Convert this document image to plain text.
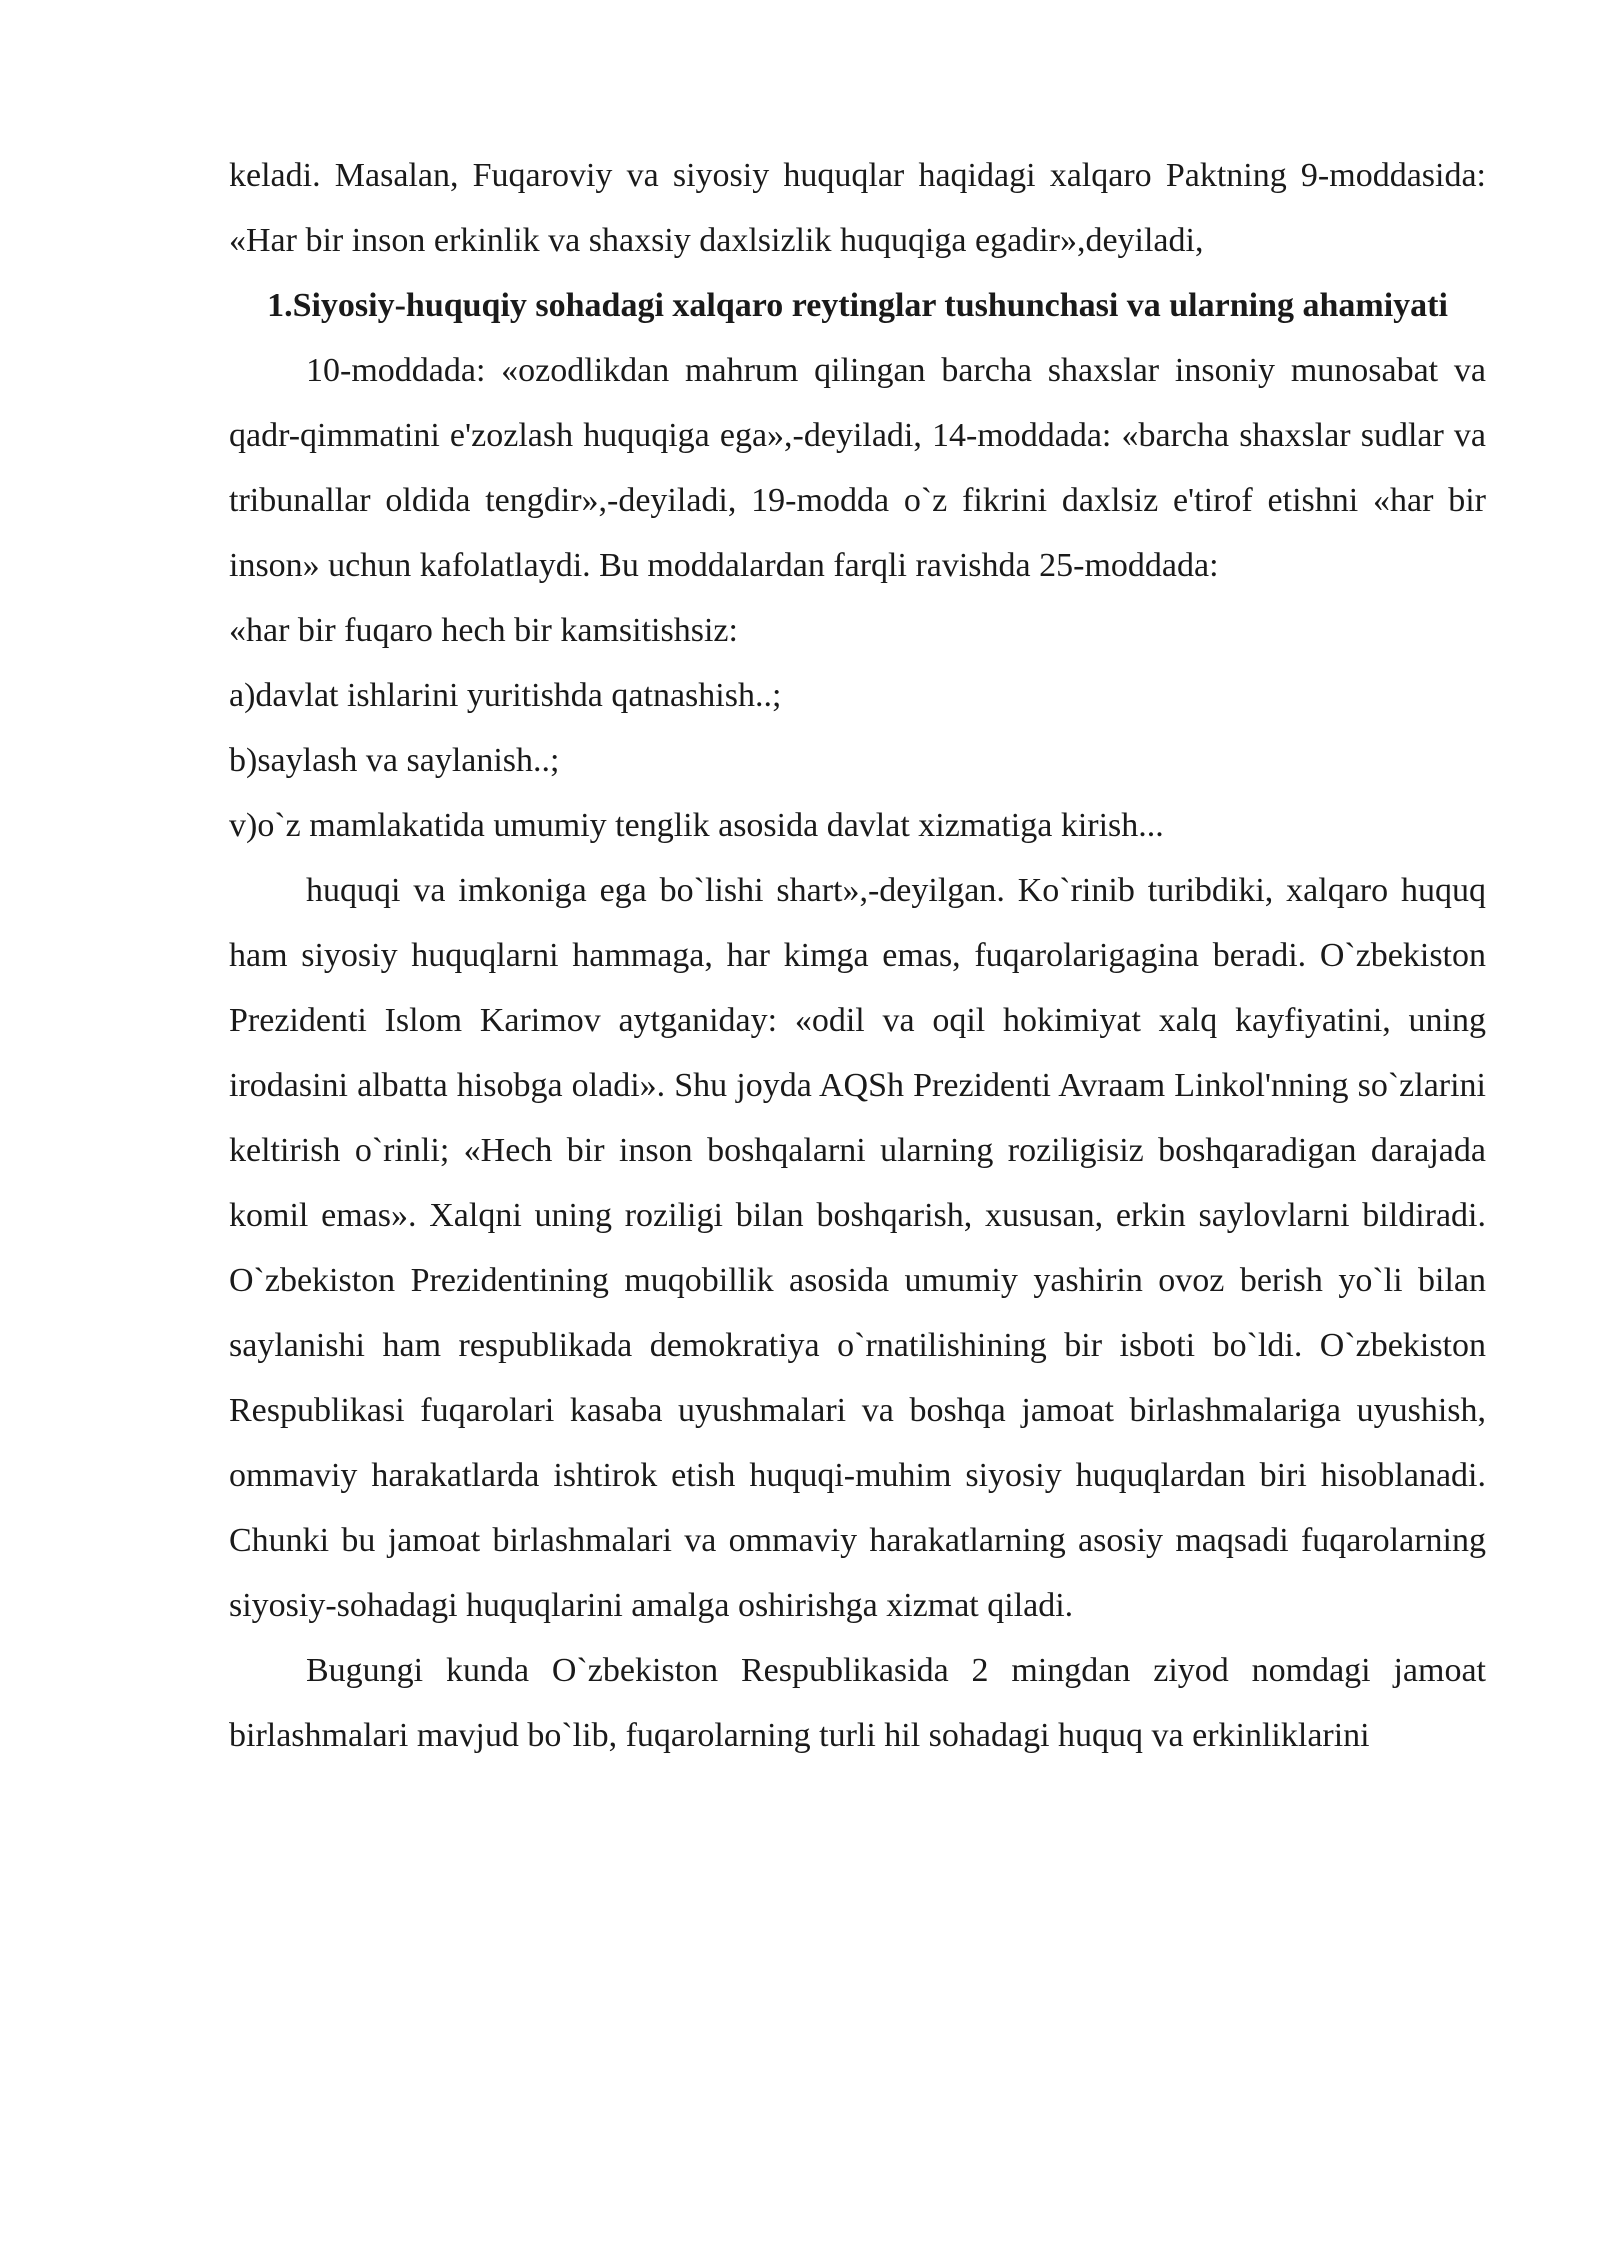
keladi. Masalan, Fuqaroviy va siyosiy huquqlar haqidagi xalqaro Paktning 9-moddasida: «Har bir inson erkinlik va shaxsiy daxlsizlik huquqiga egadir»,deyiladi,

1.Siyosiy-huquqiy sohadagi xalqaro reytinglar tushunchasi va ularning ahamiyati

10-moddada: «ozodlikdan mahrum qilingan barcha shaxslar insoniy munosabat va qadr-qimmatini e'zozlash huquqiga ega»,-deyiladi, 14-moddada: «barcha shaxslar sudlar va tribunallar oldida tengdir»,-deyiladi, 19-modda o`z fikrini daxlsiz e'tirof etishni «har bir inson» uchun kafolatlaydi. Bu moddalardan farqli ravishda 25-moddada:

«har bir fuqaro hech bir kamsitishsiz:

a)davlat ishlarini yuritishda qatnashish..;

b)saylash va saylanish..;

v)o`z mamlakatida umumiy tenglik asosida davlat xizmatiga kirish...

huquqi va imkoniga ega bo`lishi shart»,-deyilgan. Ko`rinib turibdiki, xalqaro huquq ham siyosiy huquqlarni hammaga, har kimga emas, fuqarolarigagina beradi. O`zbekiston Prezidenti Islom Karimov aytganiday: «odil va oqil hokimiyat xalq kayfiyatini, uning irodasini albatta hisobga oladi». Shu joyda AQSh Prezidenti Avraam Linkol'nning so`zlarini keltirish o`rinli; «Hech bir inson boshqalarni ularning roziligisiz boshqaradigan darajada komil emas». Xalqni uning roziligi bilan boshqarish, xususan, erkin saylovlarni bildiradi. O`zbekiston Prezidentining muqobillik asosida umumiy yashirin ovoz berish yo`li bilan saylanishi ham respublikada demokratiya o`rnatilishining bir isboti bo`ldi. O`zbekiston Respublikasi fuqarolari kasaba uyushmalari va boshqa jamoat birlashmalariga uyushish, ommaviy harakatlarda ishtirok etish huquqi-muhim siyosiy huquqlardan biri hisoblanadi. Chunki bu jamoat birlashmalari va ommaviy harakatlarning asosiy maqsadi fuqarolarning siyosiy-sohadagi huquqlarini amalga oshirishga xizmat qiladi.

Bugungi kunda O`zbekiston Respublikasida 2 mingdan ziyod nomdagi jamoat birlashmalari mavjud bo`lib, fuqarolarning turli hil sohadagi huquq va erkinliklarini
